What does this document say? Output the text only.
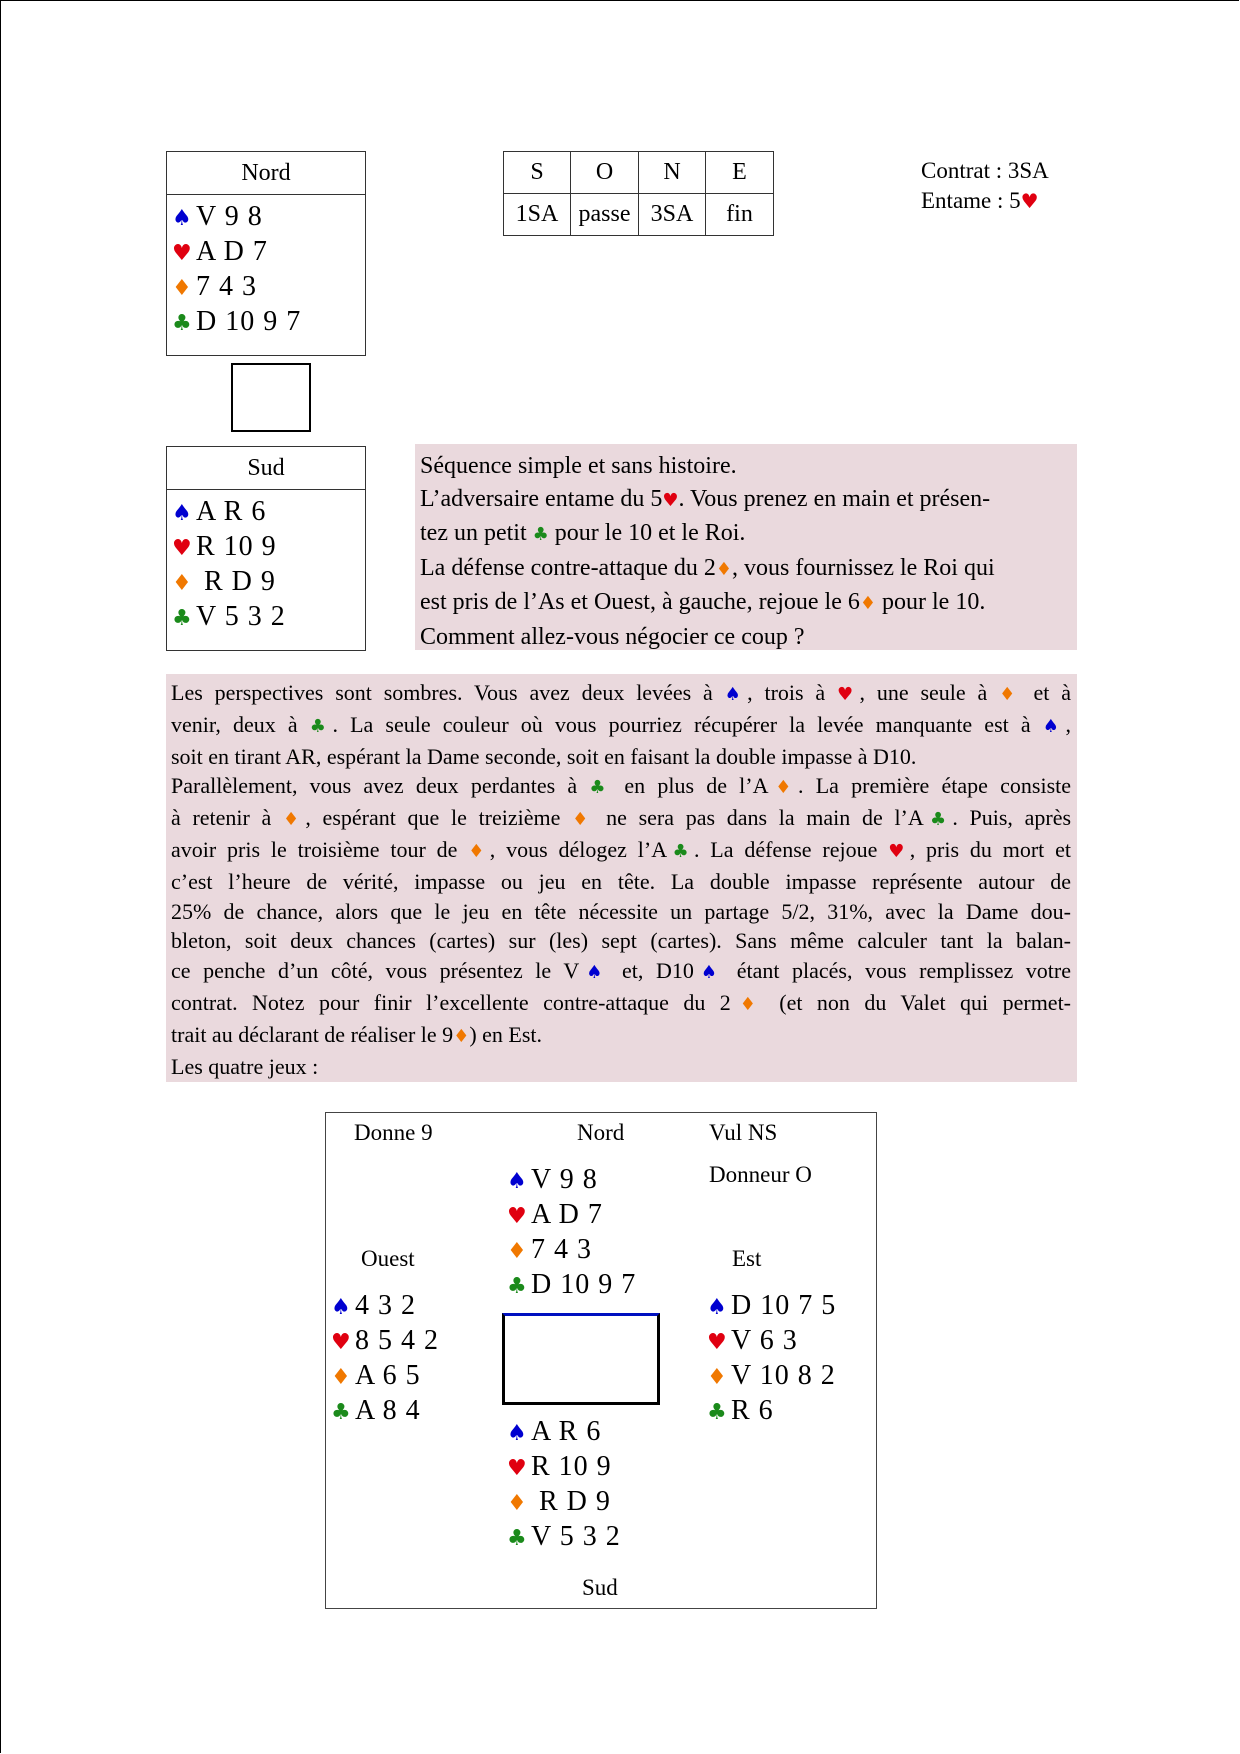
Nord
♠ V 9 8
♥ A D 7
♦ 7 4 3
♣ D 10 9 7
Sud
♠ A R 6
♥ R 10 9
♦ R D 9
♣ V 5 3 2
S	O	N	E
1SA	passe	3SA	fin
Contrat : 3SA
Entame : 5♥
Séquence simple et sans histoire.
L’adversaire entame du 5♥. Vous prenez en main et présen-
tez un petit ♣ pour le 10 et le Roi.
La défense contre-attaque du 2♦, vous fournissez le Roi qui
est pris de l’As et Ouest, à gauche, rejoue le 6♦ pour le 10.
Comment allez-vous négocier ce coup ?
Les perspectives sont sombres. Vous avez deux levées à ♠, trois à ♥, une seule à ♦ et à
venir, deux à ♣. La seule couleur où vous pourriez récupérer la levée manquante est à ♠,
soit en tirant AR, espérant la Dame seconde, soit en faisant la double impasse à D10.
Parallèlement, vous avez deux perdantes à ♣ en plus de l’A♦. La première étape consiste
à retenir à ♦, espérant que le treizième ♦ ne sera pas dans la main de l’A♣. Puis, après
avoir pris le troisième tour de ♦, vous délogez l’A♣. La défense rejoue ♥, pris du mort et
c’est l’heure de vérité, impasse ou jeu en tête. La double impasse représente autour de
25% de chance, alors que le jeu en tête nécessite un partage 5/2, 31%, avec la Dame dou-
bleton, soit deux chances (cartes) sur (les) sept (cartes). Sans même calculer tant la balan-
ce penche d’un côté, vous présentez le V♠ et, D10♠ étant placés, vous remplissez votre
contrat. Notez pour finir l’excellente contre-attaque du 2♦ (et non du Valet qui permet-
trait au déclarant de réaliser le 9♦) en Est.
Les quatre jeux :
Donne 9	Nord	Vul NS
Donneur O
Ouest	Est
Sud
♠ V 9 8
♥ A D 7
♦ 7 4 3
♣ D 10 9 7
♠ 4 3 2
♥ 8 5 4 2
♦ A 6 5
♣ A 8 4
♠ D 10 7 5
♥ V 6 3
♦ V 10 8 2
♣ R 6
♠ A R 6
♥ R 10 9
♦ R D 9
♣ V 5 3 2
